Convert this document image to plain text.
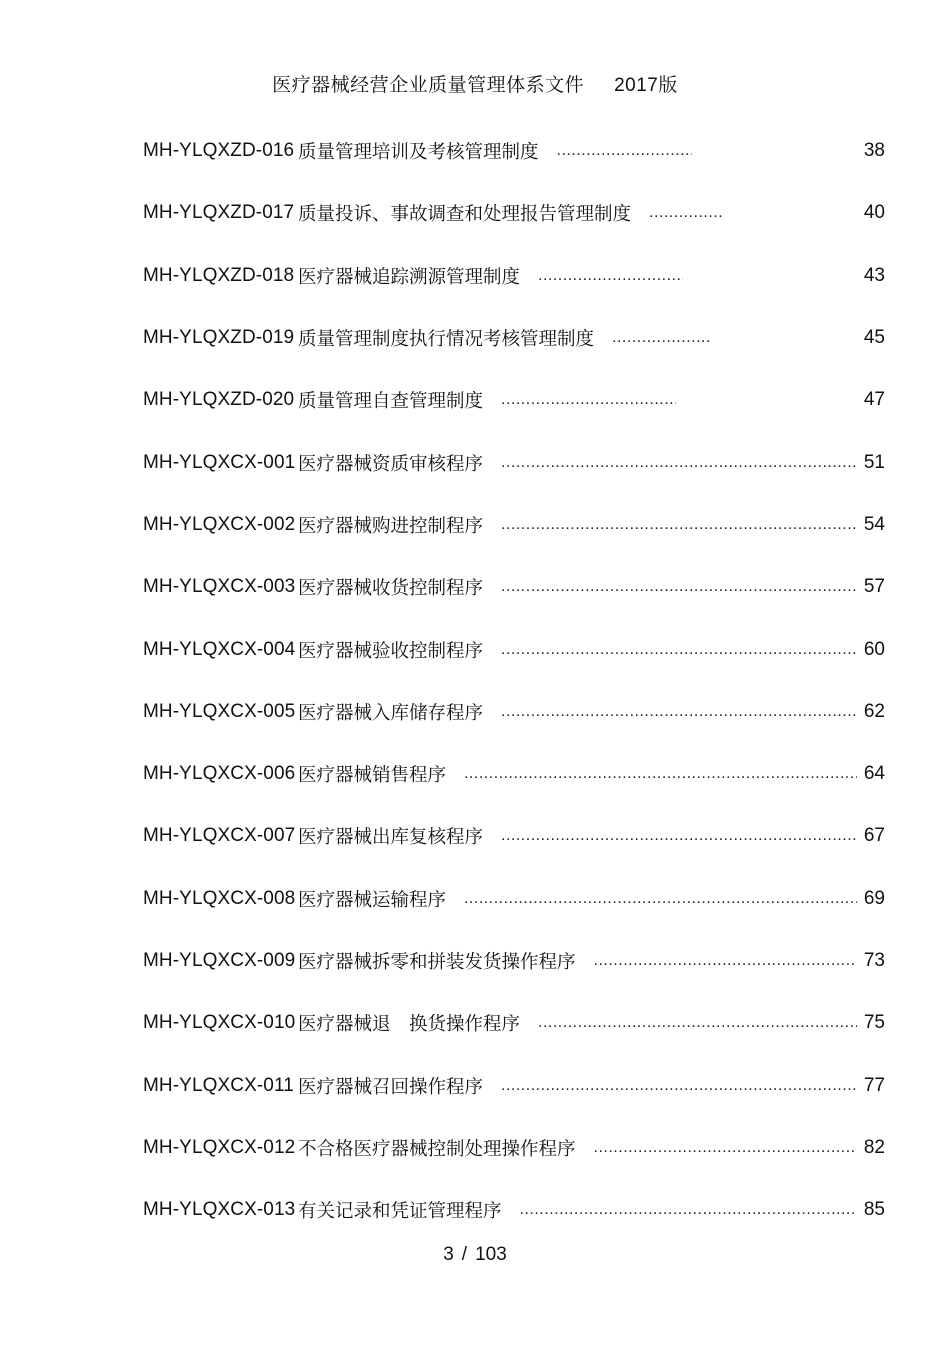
医疗器械经营企业质量管理体系文件 2017版
MH-YLQXZD-016 质量管理培训及考核管理制度 .....	38
MH-YLQXZD-017 质量投诉、事故调查和处理报告管理制度 .....	40
MH-YLQXZD-018 医疗器械追踪溯源管理制度 .....	43
MH-YLQXZD-019 质量管理制度执行情况考核管理制度 .....	45
MH-YLQXZD-020 质量管理自查管理制度 .....	47
MH-YLQXCX-001 医疗器械资质审核程序 .....	51
MH-YLQXCX-002 医疗器械购进控制程序 .....	54
MH-YLQXCX-003 医疗器械收货控制程序 .....	57
MH-YLQXCX-004 医疗器械验收控制程序 .....	60
MH-YLQXCX-005 医疗器械入库储存程序 .....	62
MH-YLQXCX-006 医疗器械销售程序 .....	64
MH-YLQXCX-007 医疗器械出库复核程序 .....	67
MH-YLQXCX-008 医疗器械运输程序 .....	69
MH-YLQXCX-009 医疗器械拆零和拼装发货操作程序 .....	73
MH-YLQXCX-010 医疗器械退　换货操作程序 .....	75
MH-YLQXCX-011 医疗器械召回操作程序 .....	77
MH-YLQXCX-012 不合格医疗器械控制处理操作程序 .....	82
MH-YLQXCX-013 有关记录和凭证管理程序 .....	85
3 / 103
